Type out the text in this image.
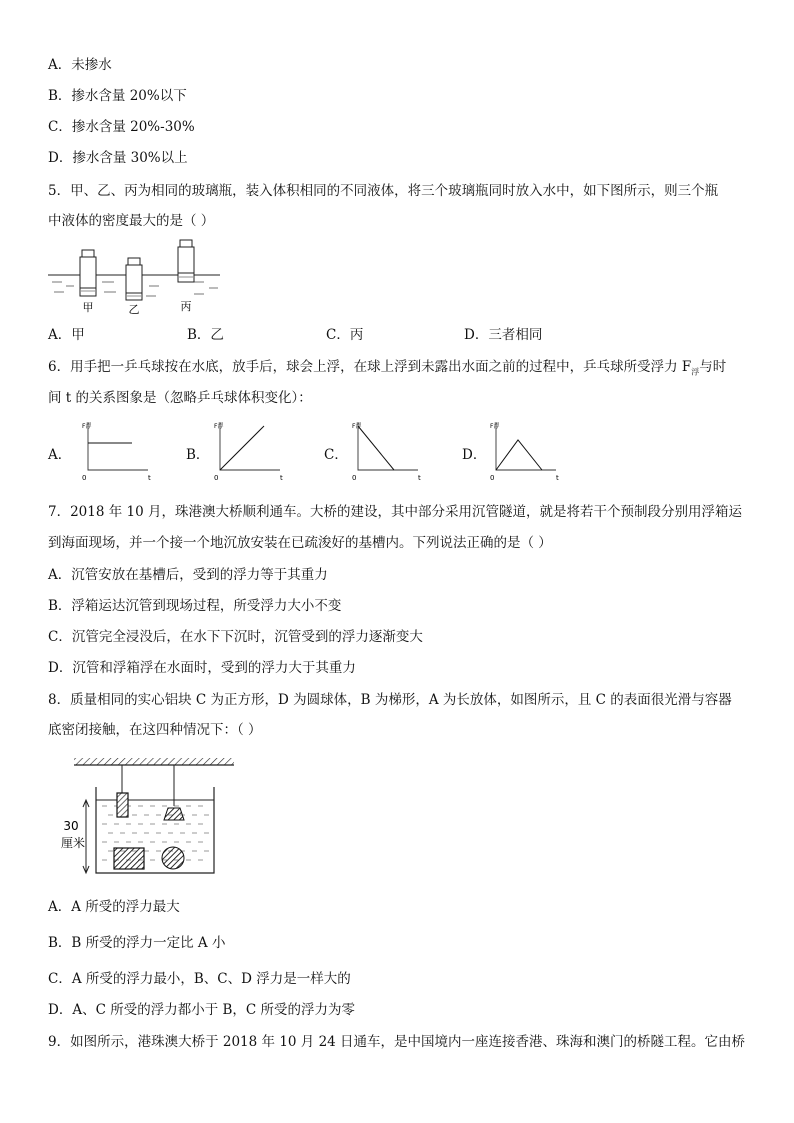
A．未掺水
B．掺水含量 20%以下
C．掺水含量 20%-30%
D．掺水含量 30%以上
5．甲、乙、丙为相同的玻璃瓶，装入体积相同的不同液体，将三个玻璃瓶同时放入水中，如下图所示，则三个瓶
中液体的密度最大的是（ ）
甲	乙	丙
A．甲	B．乙	C．丙	D．三者相同
6．用手把一乒乓球按在水底，放手后，球会上浮，在球上浮到未露出水面之前的过程中，乒乓球所受浮力 $F_浮$与时
间 t 的关系图象是（忽略乒乓球体积变化）：
A．	B．	C．	D．
F浮
t
0
F浮
t
0
F浮
t
0
F浮
t
0
7．2018 年 10 月，珠港澳大桥顺利通车。大桥的建设，其中部分采用沉管隧道，就是将若干个预制段分别用浮箱运
到海面现场，并一个接一个地沉放安装在已疏浚好的基槽内。下列说法正确的是（ ）
A．沉管安放在基槽后，受到的浮力等于其重力
B．浮箱运达沉管到现场过程，所受浮力大小不变
C．沉管完全浸没后，在水下下沉时，沉管受到的浮力逐渐变大
D．沉管和浮箱浮在水面时，受到的浮力大于其重力
8．质量相同的实心铝块 C 为正方形，D 为圆球体，B 为梯形，A 为长放体，如图所示，且 C 的表面很光滑与容器
底密闭接触，在这四种情况下：（ ）
30
厘米
A．A 所受的浮力最大
B．B 所受的浮力一定比 A 小
C．A 所受的浮力最小，B、C、D 浮力是一样大的
D．A、C 所受的浮力都小于 B，C 所受的浮力为零
9．如图所示，港珠澳大桥于 2018 年 10 月 24 日通车，是中国境内一座连接香港、珠海和澳门的桥隧工程。它由桥
